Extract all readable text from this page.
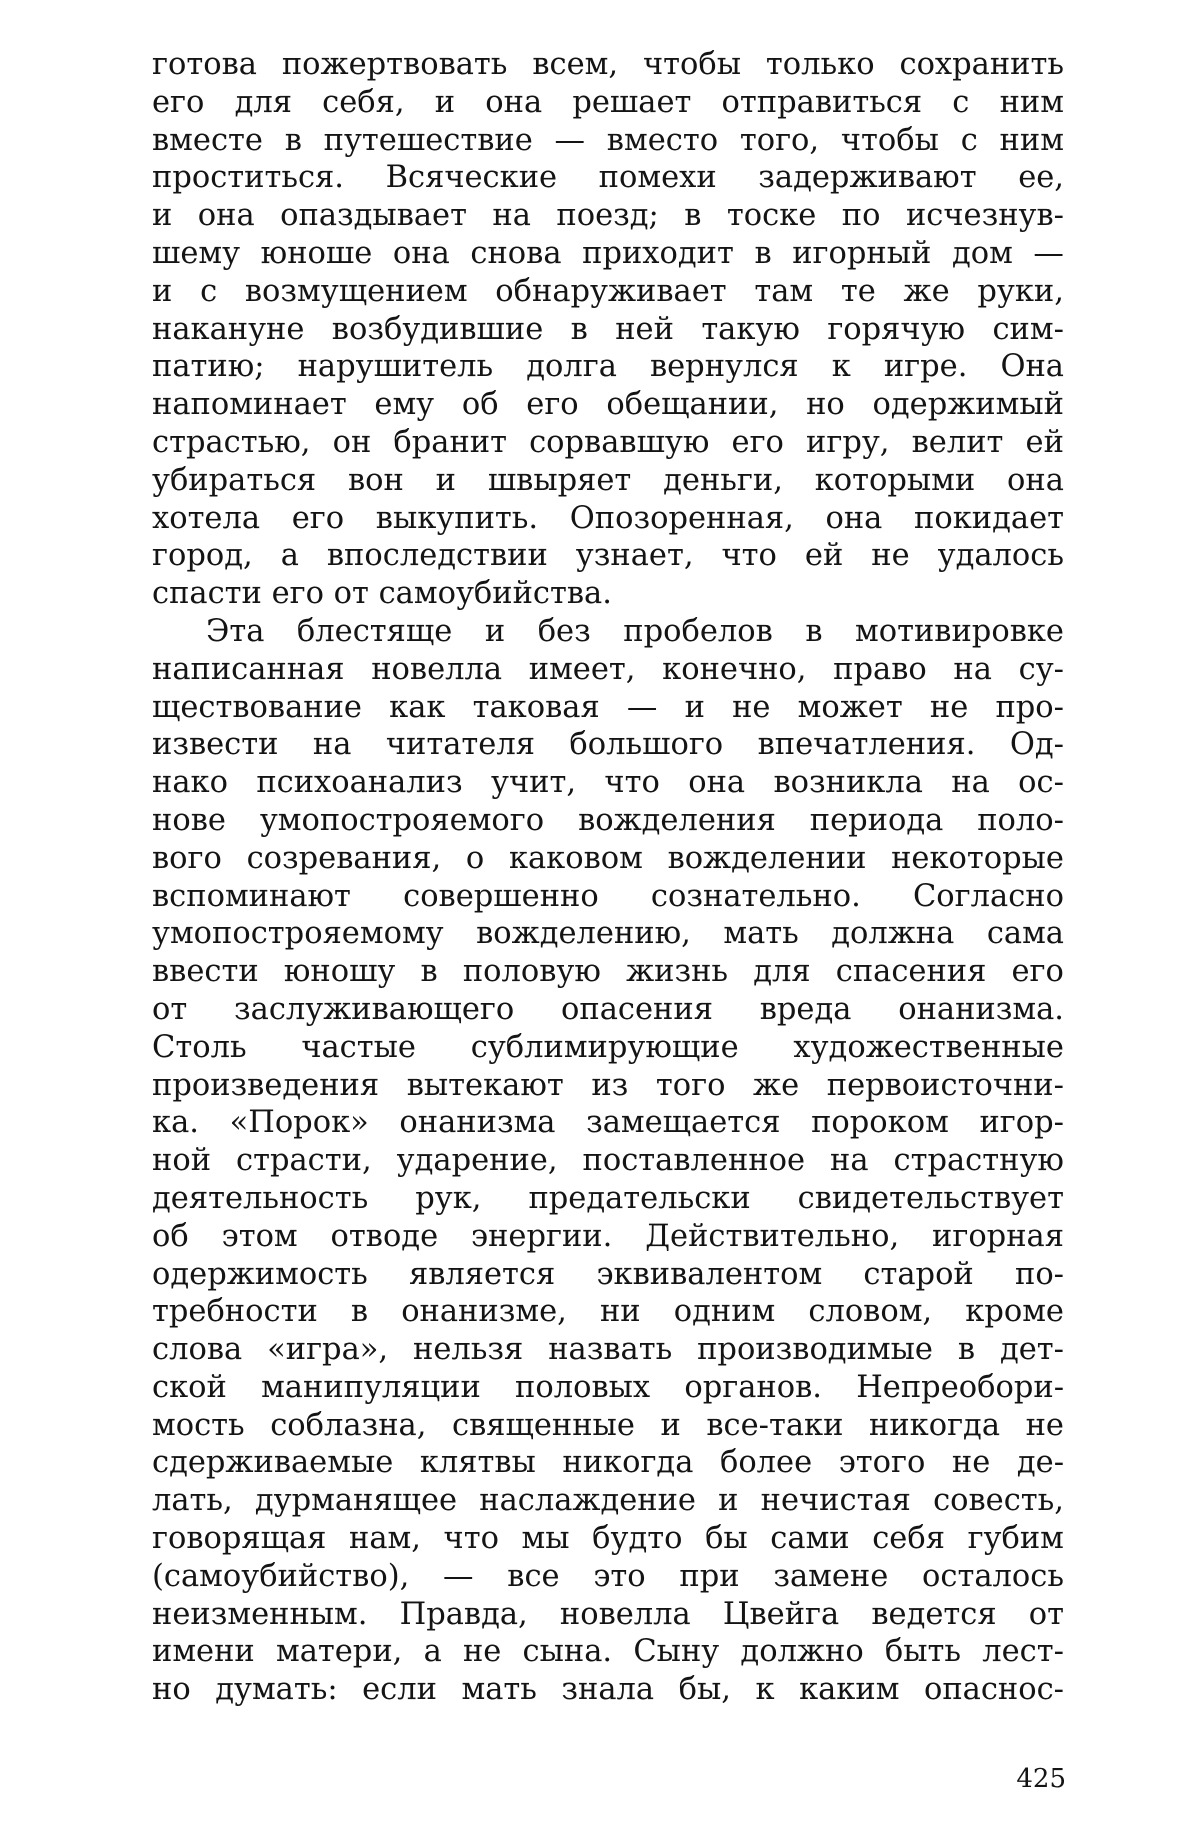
готова пожертвовать всем, чтобы только сохранить
его для себя, и она решает отправиться с ним
вместе в путешествие — вместо того, чтобы с ним
проститься. Всяческие помехи задерживают ее,
и она опаздывает на поезд; в тоске по исчезнув-
шему юноше она снова приходит в игорный дом —
и с возмущением обнаруживает там те же руки,
накануне возбудившие в ней такую горячую сим-
патию; нарушитель долга вернулся к игре. Она
напоминает ему об его обещании, но одержимый
страстью, он бранит сорвавшую его игру, велит ей
убираться вон и швыряет деньги, которыми она
хотела его выкупить. Опозоренная, она покидает
город, а впоследствии узнает, что ей не удалось
спасти его от самоубийства.
Эта блестяще и без пробелов в мотивировке
написанная новелла имеет, конечно, право на су-
ществование как таковая — и не может не про-
извести на читателя большого впечатления. Од-
нако психоанализ учит, что она возникла на ос-
нове умопострояемого вожделения периода поло-
вого созревания, о каковом вожделении некоторые
вспоминают совершенно сознательно. Согласно
умопострояемому вожделению, мать должна сама
ввести юношу в половую жизнь для спасения его
от заслуживающего опасения вреда онанизма.
Столь частые сублимирующие художественные
произведения вытекают из того же первоисточни-
ка. «Порок» онанизма замещается пороком игор-
ной страсти, ударение, поставленное на страстную
деятельность рук, предательски свидетельствует
об этом отводе энергии. Действительно, игорная
одержимость является эквивалентом старой по-
требности в онанизме, ни одним словом, кроме
слова «игра», нельзя назвать производимые в дет-
ской манипуляции половых органов. Непреобори-
мость соблазна, священные и все-таки никогда не
сдерживаемые клятвы никогда более этого не де-
лать, дурманящее наслаждение и нечистая совесть,
говорящая нам, что мы будто бы сами себя губим
(самоубийство), — все это при замене осталось
неизменным. Правда, новелла Цвейга ведется от
имени матери, а не сына. Сыну должно быть лест-
но думать: если мать знала бы, к каким опаснос-
425
